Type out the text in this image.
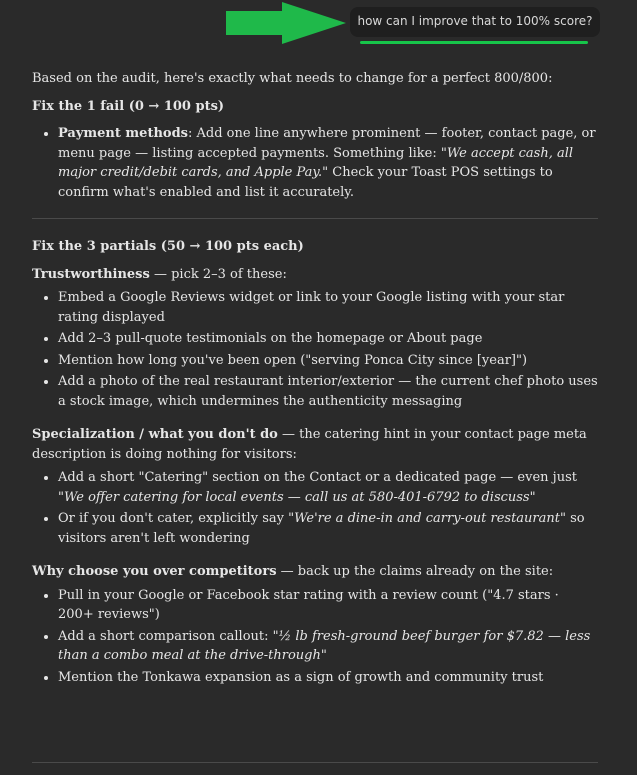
how can I improve that to 100% score?

Based on the audit, here's exactly what needs to change for a perfect 800/800:

Fix the 1 fail (0 → 100 pts)
• Payment methods: Add one line anywhere prominent — footer, contact page, or menu page — listing accepted payments. Something like: "We accept cash, all major credit/debit cards, and Apple Pay." Check your Toast POS settings to confirm what's enabled and list it accurately.
Fix the 3 partials (50 → 100 pts each)

Trustworthiness — pick 2–3 of these:

• Embed a Google Reviews widget or link to your Google listing with your star rating displayed
• Add 2–3 pull-quote testimonials on the homepage or About page
• Mention how long you've been open ("serving Ponca City since [year]")
• Add a photo of the real restaurant interior/exterior — the current chef photo uses a stock image, which undermines the authenticity messaging

Specialization / what you don't do — the catering hint in your contact page meta description is doing nothing for visitors:

• Add a short "Catering" section on the Contact or a dedicated page — even just "We offer catering for local events — call us at 580-401-6792 to discuss"
• Or if you don't cater, explicitly say "We're a dine-in and carry-out restaurant" so visitors aren't left wondering

Why choose you over competitors — back up the claims already on the site:

• Pull in your Google or Facebook star rating with a review count ("4.7 stars · 200+ reviews")
• Add a short comparison callout: "½ lb fresh-ground beef burger for $7.82 — less than a combo meal at the drive-through"
• Mention the Tonkawa expansion as a sign of growth and community trust
